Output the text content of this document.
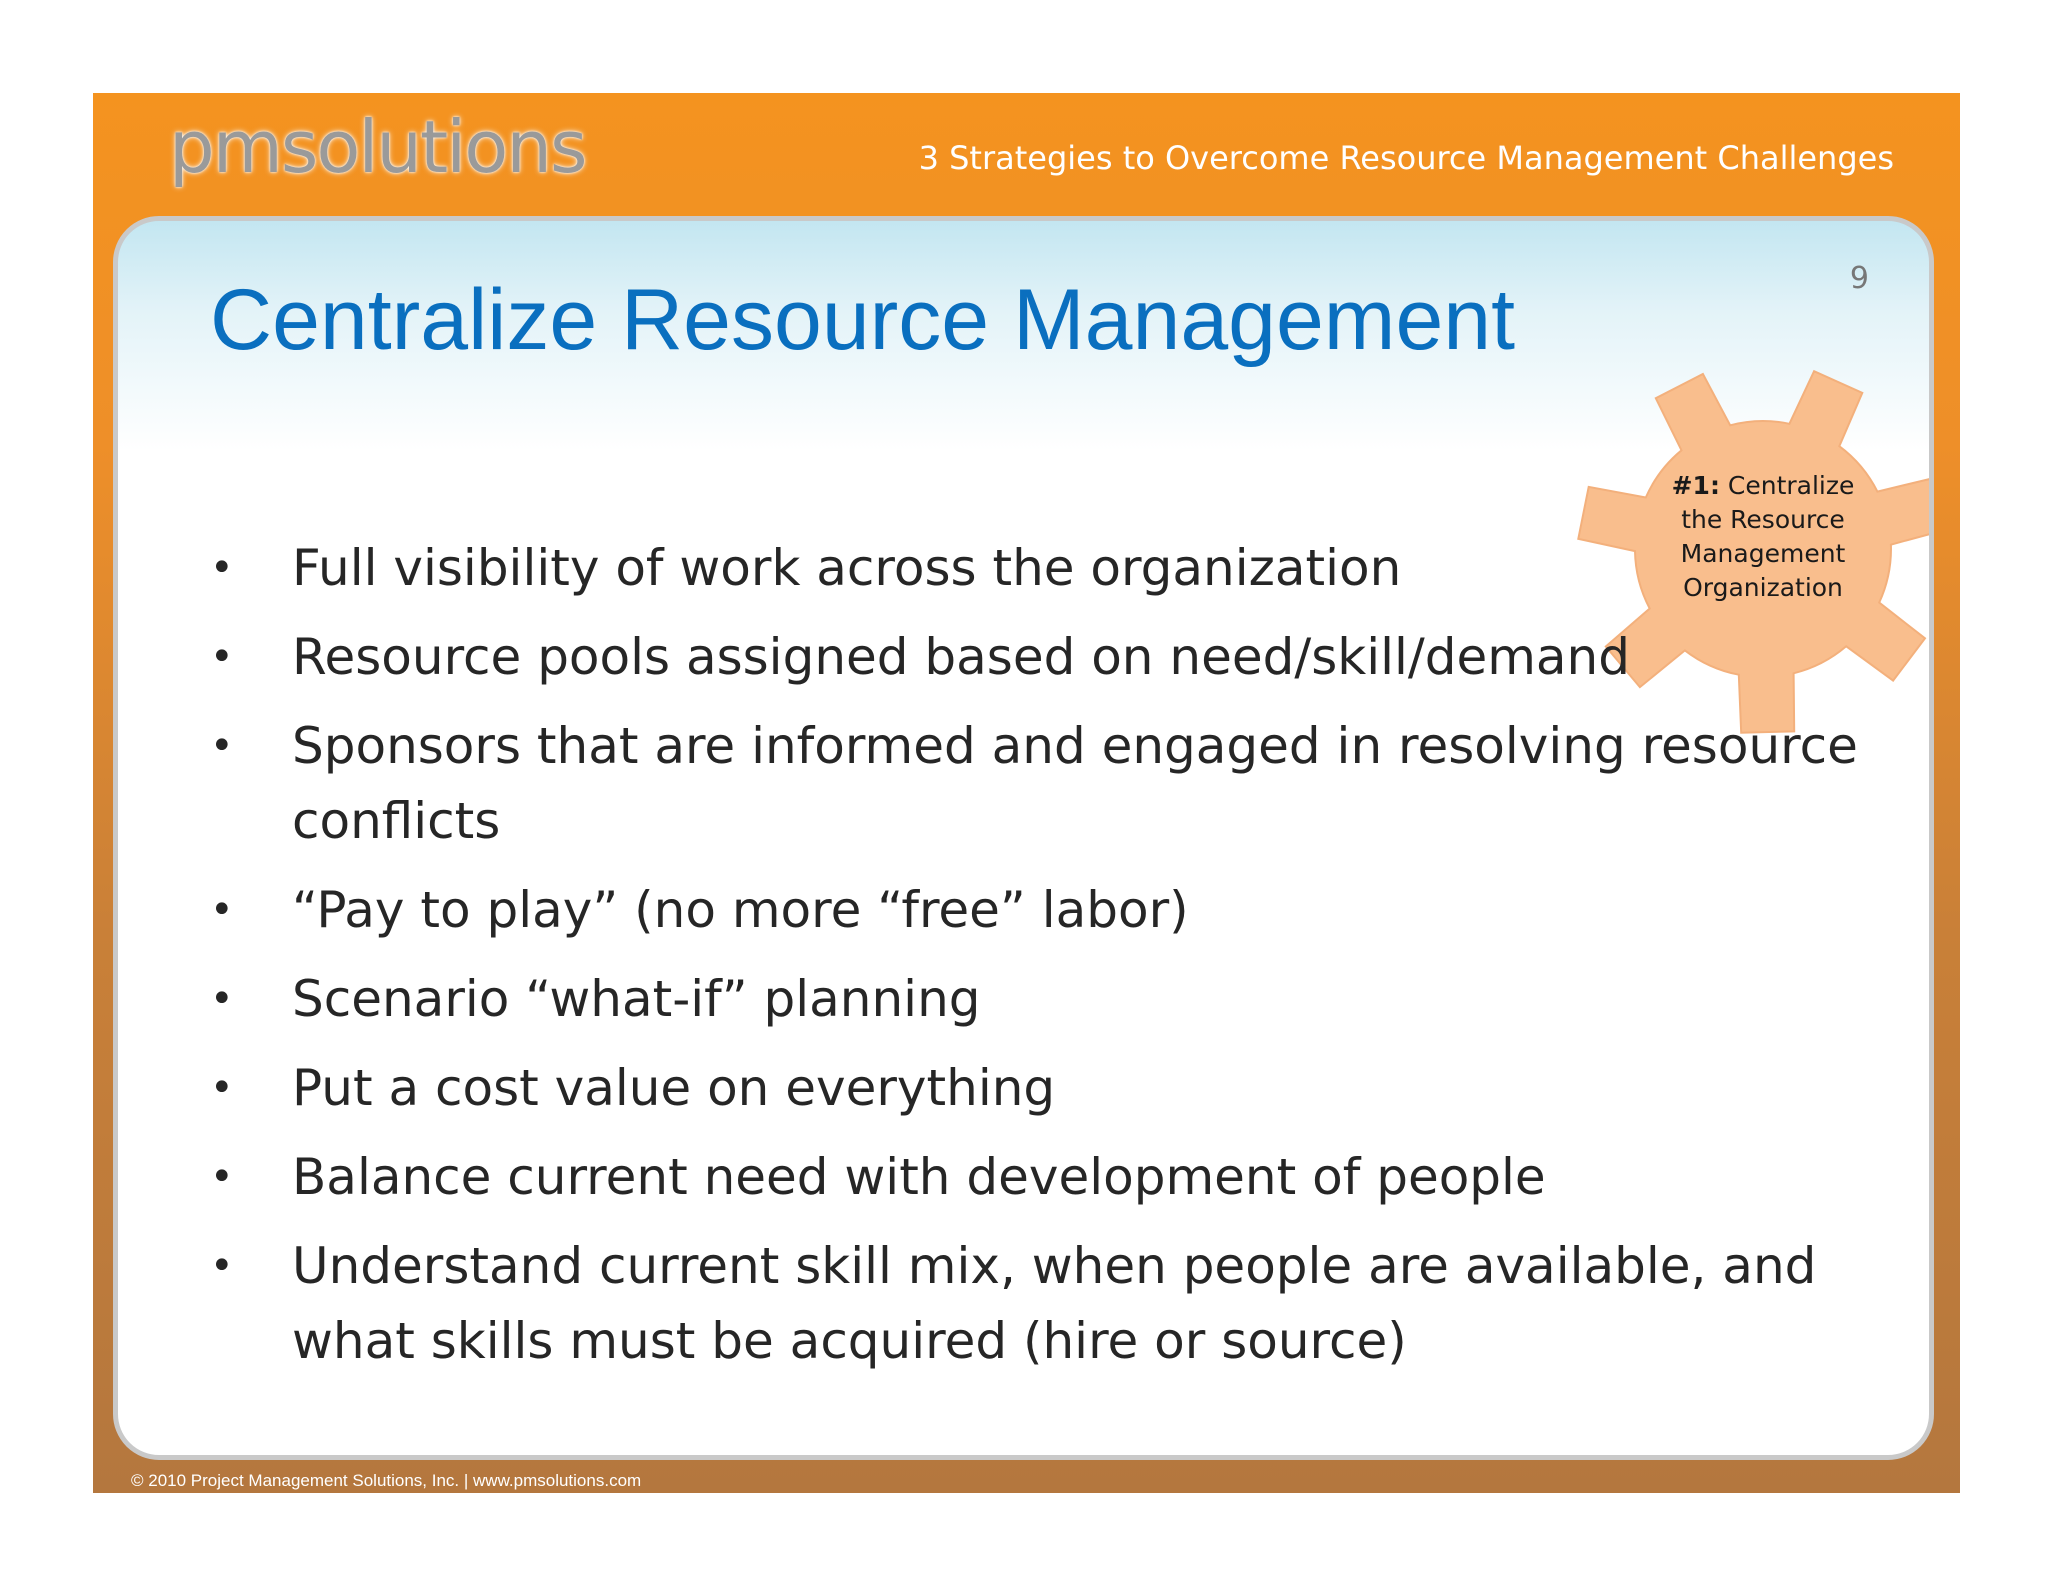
pmsolutions	3 Strategies to Overcome Resource Management Challenges
9
Centralize Resource Management
#1: Centralize
the Resource
Management
Organization
• Full visibility of work across the organization
• Resource pools assigned based on need/skill/demand
• Sponsors that are informed and engaged in resolving resource conflicts
• “Pay to play” (no more “free” labor)
• Scenario “what-if” planning
• Put a cost value on everything
• Balance current need with development of people
• Understand current skill mix, when people are available, and what skills must be acquired (hire or source)
© 2010 Project Management Solutions, Inc. | www.pmsolutions.com
